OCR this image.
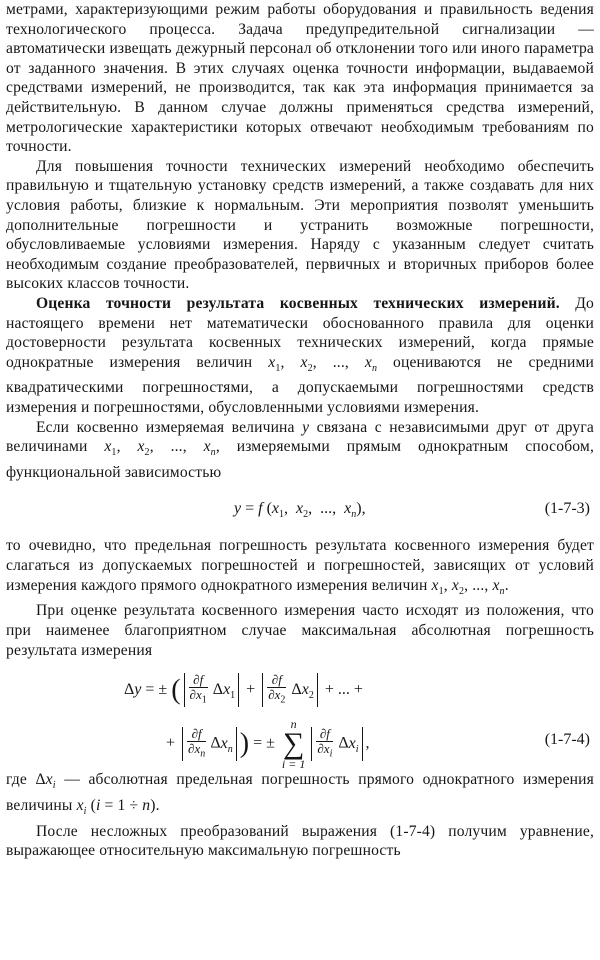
метрами, характеризующими режим работы оборудования и правильность ведения технологического процесса. Задача предупредительной сигнализации — автоматически извещать дежурный персонал об отклонении того или иного параметра от заданного значения. В этих случаях оценка точности информации, выдаваемой средствами измерений, не производится, так как эта информация принимается за действительную. В данном случае должны применяться средства измерений, метрологические характеристики которых отвечают необходимым требованиям по точности.

Для повышения точности технических измерений необходимо обеспечить правильную и тщательную установку средств измерений, а также создавать для них условия работы, близкие к нормальным. Эти мероприятия позволят уменьшить дополнительные погрешности и устранить возможные погрешности, обусловливаемые условиями измерения. Наряду с указанным следует считать необходимым создание преобразователей, первичных и вторичных приборов более высоких классов точности.

Оценка точности результата косвенных технических измерений. До настоящего времени нет математически обоснованного правила для оценки достоверности результата косвенных технических измерений, когда прямые однократные измерения величин $x_1$, $x_2$, ..., $x_n$ оцениваются не средними квадратическими погрешностями, а допускаемыми погрешностями средств измерения и погрешностями, обусловленными условиями измерения.

Если косвенно измеряемая величина y связана с независимыми друг от друга величинами $x_1$, $x_2$, ..., $x_n$, измеряемыми прямым однократным способом, функциональной зависимостью

y = f ($x_1$,  $x_2$,  ...,  $x_n$),	(1-7-3)

то очевидно, что предельная погрешность результата косвенного измерения будет слагаться из допускаемых погрешностей и погрешностей, зависящих от условий измерения каждого прямого однократного измерения величин $x_1$, $x_2$, ..., $x_n$.

При оценке результата косвенного измерения часто исходят из положения, что при наименее благоприятном случае максимальная абсолютная погрешность результата измерения

Δy = ± ( $\frac{\partial f}{\partial x_1} \Delta x_1 + \frac{\partial f}{\partial x_2} \Delta x_2$ + ... +
+ $\frac{\partial f}{\partial x_n} \Delta x_n$ ) = ±
n
∑
i = 1
$\frac{\partial f}{\partial x_i} \Delta x_i$ ,	(1-7-4)

где $\Delta x_i$ — абсолютная предельная погрешность прямого однократного измерения величины $x_i$ (i = 1 ÷ n).

После несложных преобразований выражения (1-7-4) получим уравнение, выражающее относительную максимальную погрешность
